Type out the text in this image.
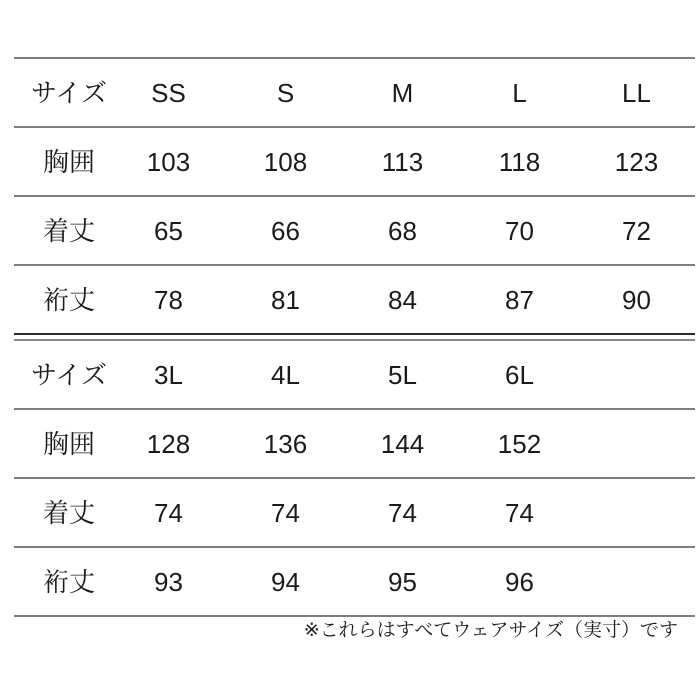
サイズ	SS	S	M	L	LL
胸囲	103	108	113	118	123
着丈	65	66	68	70	72
裄丈	78	81	84	87	90
サイズ	3L	4L	5L	6L
胸囲	128	136	144	152
着丈	74	74	74	74
裄丈	93	94	95	96
※これらはすべてウェアサイズ（実寸）です
